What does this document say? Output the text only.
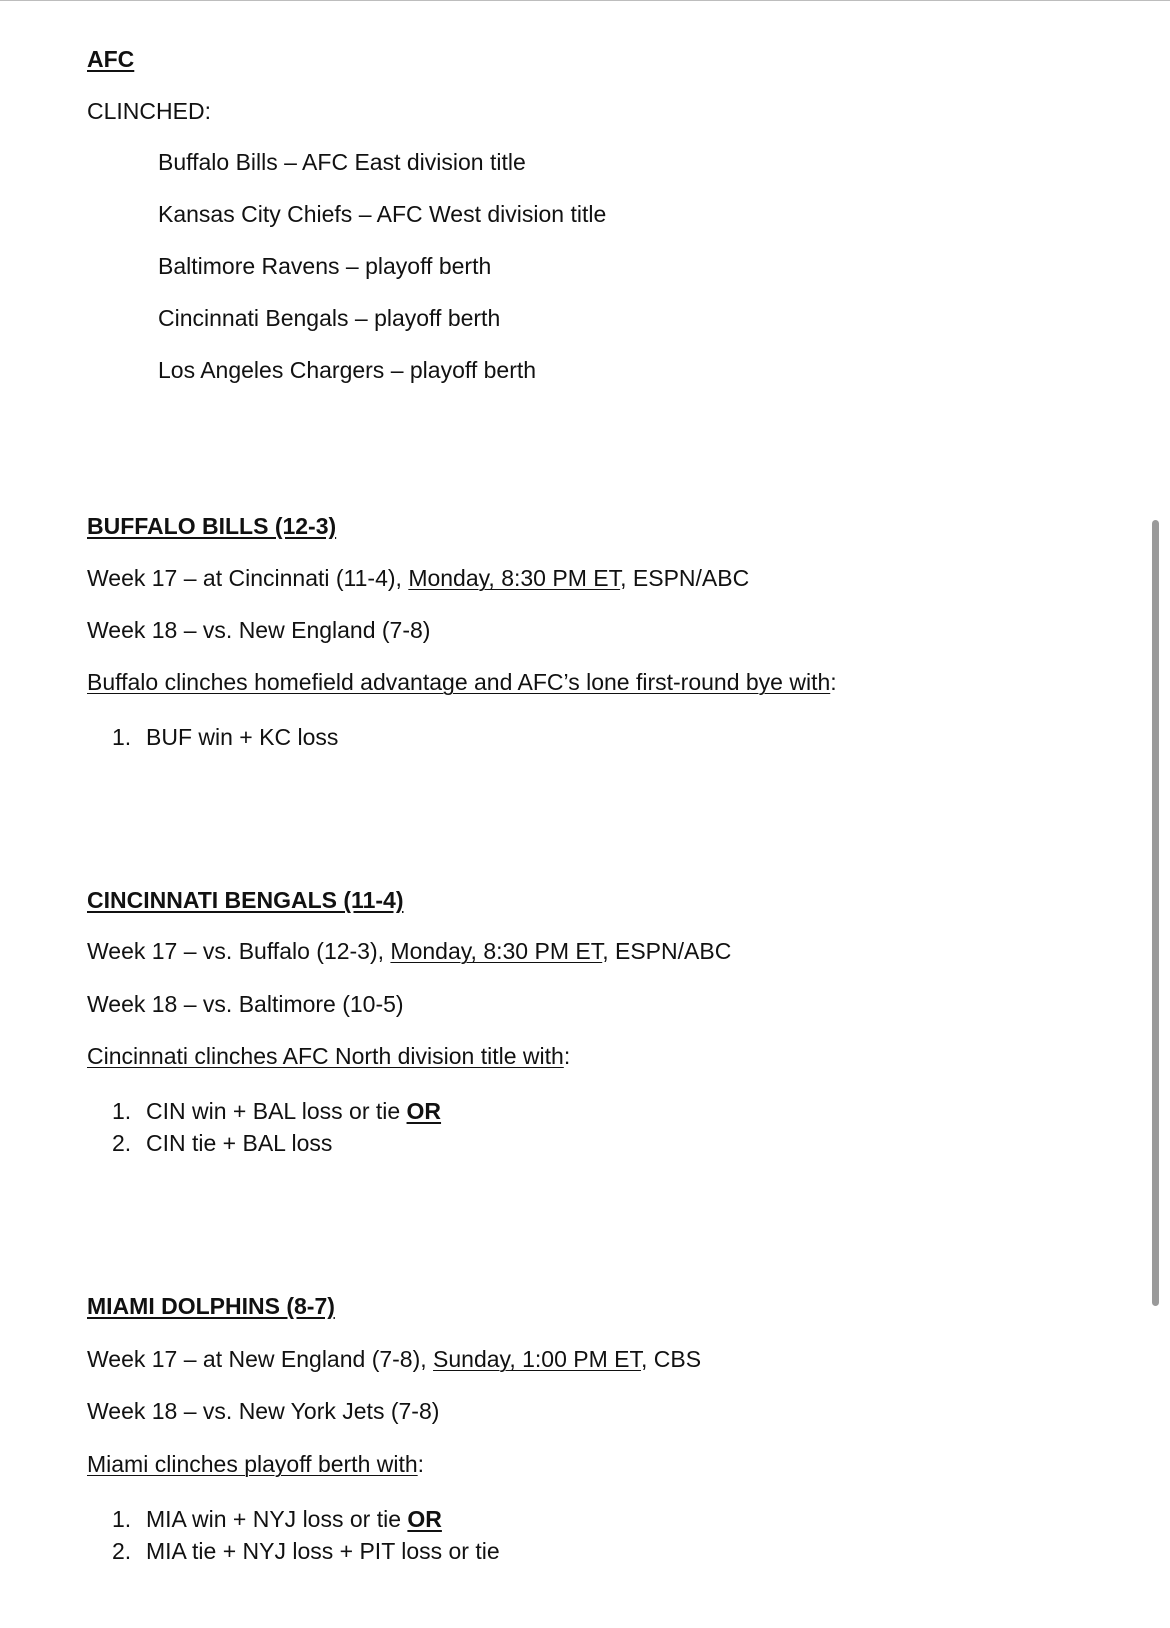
AFC
CLINCHED:
Buffalo Bills – AFC East division title
Kansas City Chiefs – AFC West division title
Baltimore Ravens – playoff berth
Cincinnati Bengals – playoff berth
Los Angeles Chargers – playoff berth
BUFFALO BILLS (12-3)
Week 17 – at Cincinnati (11-4), Monday, 8:30 PM ET, ESPN/ABC
Week 18 – vs. New England (7-8)
Buffalo clinches homefield advantage and AFC’s lone first-round bye with:
1. BUF win + KC loss
CINCINNATI BENGALS (11-4)
Week 17 – vs. Buffalo (12-3), Monday, 8:30 PM ET, ESPN/ABC
Week 18 – vs. Baltimore (10-5)
Cincinnati clinches AFC North division title with:
1. CIN win + BAL loss or tie OR
2. CIN tie + BAL loss
MIAMI DOLPHINS (8-7)
Week 17 – at New England (7-8), Sunday, 1:00 PM ET, CBS
Week 18 – vs. New York Jets (7-8)
Miami clinches playoff berth with:
1. MIA win + NYJ loss or tie OR
2. MIA tie + NYJ loss + PIT loss or tie
